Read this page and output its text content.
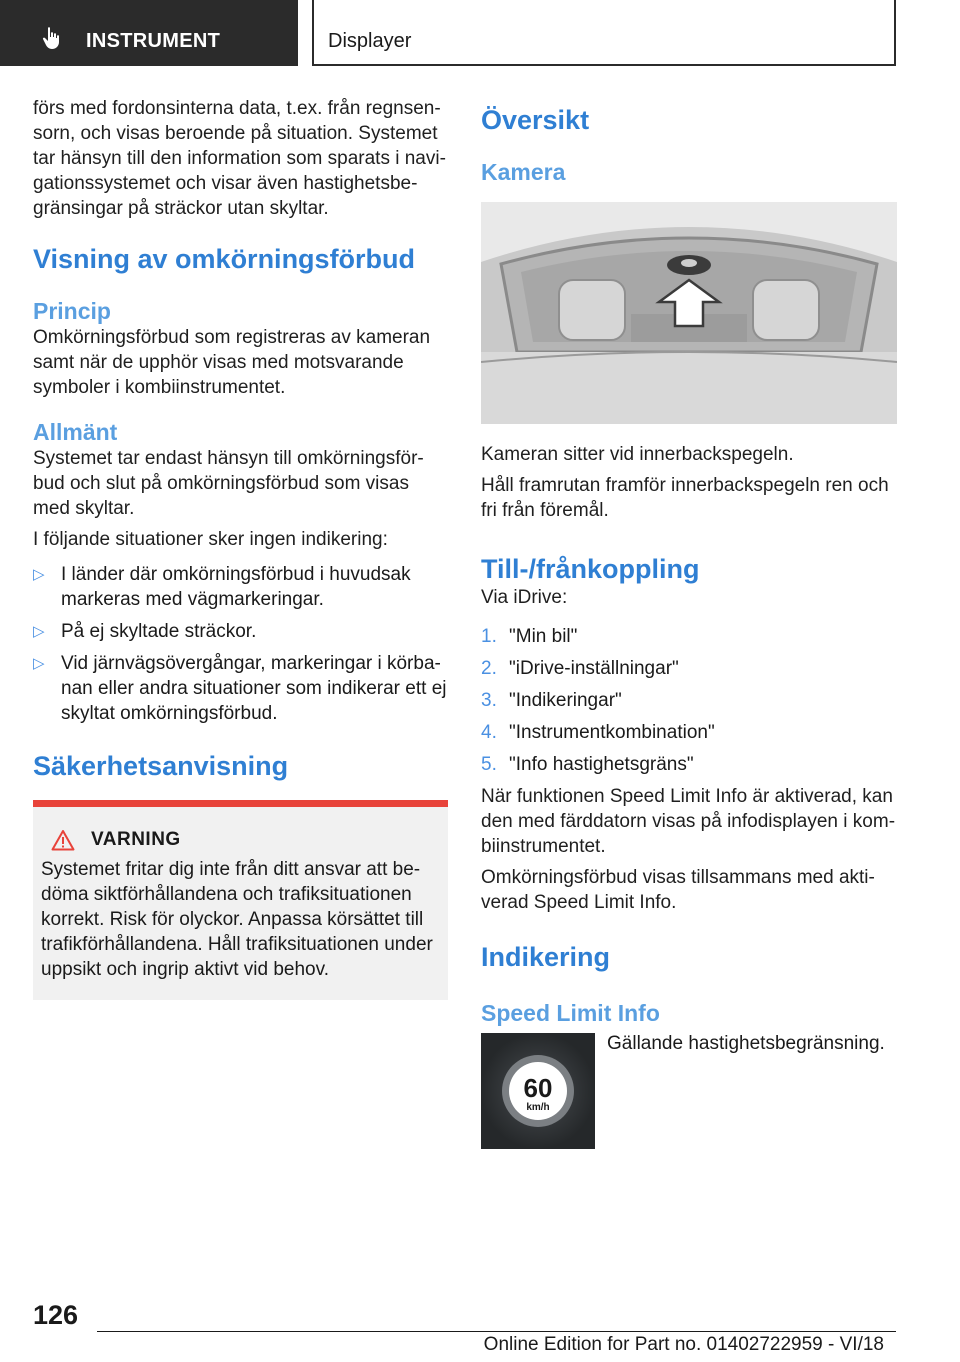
INSTRUMENT	Displayer

förs med fordonsinterna data, t.ex. från regnsensorn, och visas beroende på situation. Systemet tar hänsyn till den information som sparats i navigationssystemet och visar även hastighetsbegränsingar på sträckor utan skyltar.

Visning av omkörningsförbud
Princip

Omkörningsförbud som registreras av kameran samt när de upphör visas med motsvarande symboler i kombiinstrumentet.

Allmänt

Systemet tar endast hänsyn till omkörningsförbud och slut på omkörningsförbud som visas med skyltar.

I följande situationer sker ingen indikering:

▷ I länder där omkörningsförbud i huvudsak markeras med vägmarkeringar.
▷ På ej skyltade sträckor.
▷ Vid järnvägsövergångar, markeringar i körbanan eller andra situationer som indikerar ett ej skyltat omkörningsförbud.
Säkerhetsanvisning
VARNING

Systemet fritar dig inte från ditt ansvar att bedöma siktförhållandena och trafiksituationen korrekt. Risk för olyckor. Anpassa körsättet till trafikförhållandena. Håll trafiksituationen under uppsikt och ingrip aktivt vid behov.

Översikt
Kamera

Kameran sitter vid innerbackspegeln.

Håll framrutan framför innerbackspegeln ren och fri från föremål.

Till-/frånkoppling

Via iDrive:

1. "Min bil"
2. "iDrive-inställningar"
3. "Indikeringar"
4. "Instrumentkombination"
5. "Info hastighetsgräns"

När funktionen Speed Limit Info är aktiverad, kan den med färddatorn visas på infodisplayen i kombiinstrumentet.

Omkörningsförbud visas tillsammans med aktiverad Speed Limit Info.

Indikering
Speed Limit Info
60
km/h
Gällande hastighetsbegränsning.
126
Online Edition for Part no. 01402722959 - VI/18
